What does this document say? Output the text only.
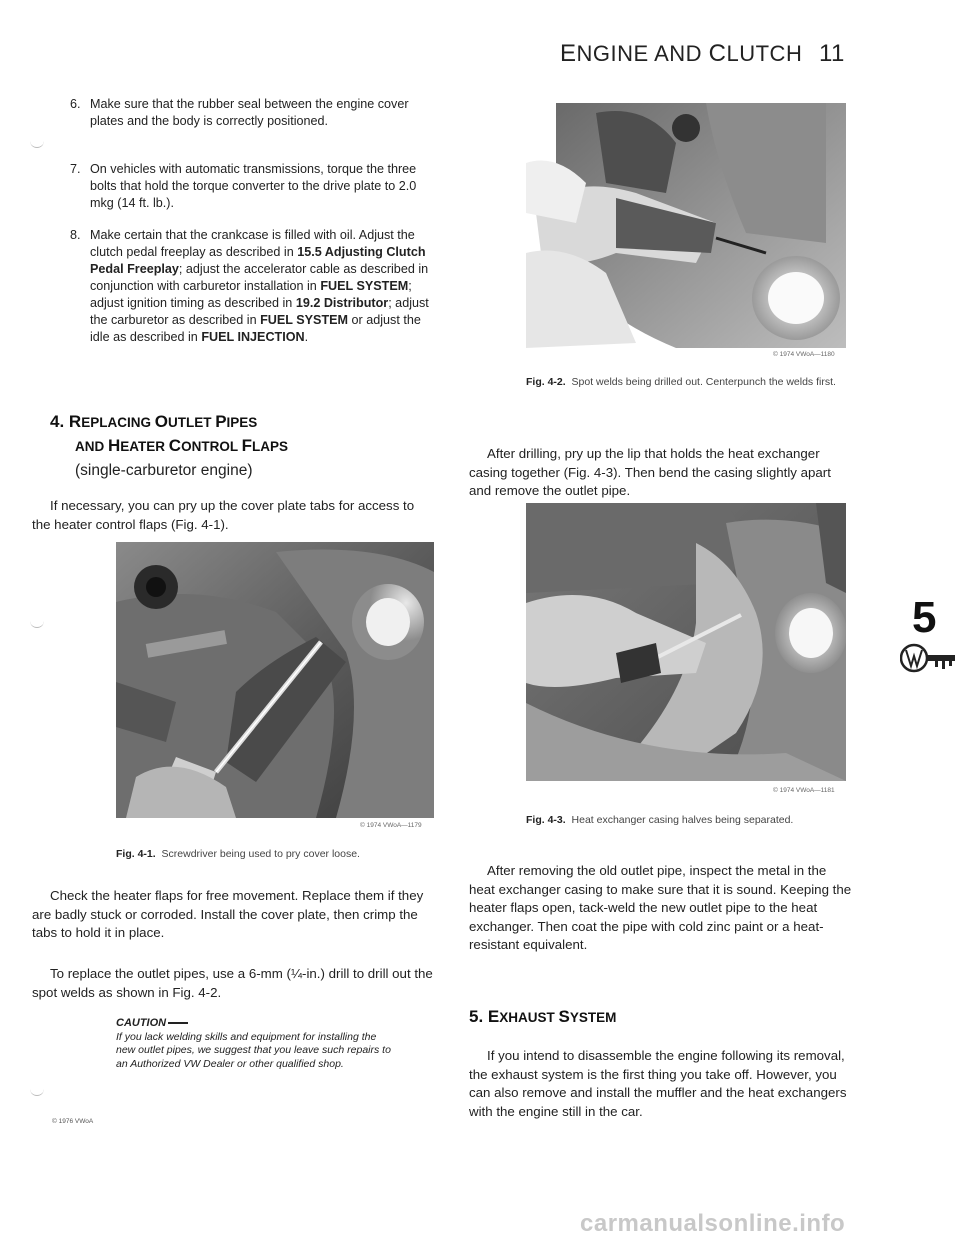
ENGINE AND CLUTCH 11
6. Make sure that the rubber seal between the engine cover plates and the body is correctly positioned.
7. On vehicles with automatic transmissions, torque the three bolts that hold the torque converter to the drive plate to 2.0 mkg (14 ft. lb.).
8. Make certain that the crankcase is filled with oil. Adjust the clutch pedal freeplay as described in 15.5 Adjusting Clutch Pedal Freeplay; adjust the accelerator cable as described in conjunction with carburetor installation in FUEL SYSTEM; adjust ignition timing as described in 19.2 Distributor; adjust the carburetor as described in FUEL SYSTEM or adjust the idle as described in FUEL INJECTION.
4. REPLACING OUTLET PIPES
AND HEATER CONTROL FLAPS
(single-carburetor engine)
If necessary, you can pry up the cover plate tabs for access to the heater control flaps (Fig. 4-1).
© 1974 VWoA—1179
Fig. 4-1. Screwdriver being used to pry cover loose.
Check the heater flaps for free movement. Replace them if they are badly stuck or corroded. Install the cover plate, then crimp the tabs to hold it in place.
To replace the outlet pipes, use a 6-mm (¼-in.) drill to drill out the spot welds as shown in Fig. 4-2.
CAUTION
If you lack welding skills and equipment for installing the new outlet pipes, we suggest that you leave such repairs to an Authorized VW Dealer or other qualified shop.
© 1976 VWoA
© 1974 VWoA—1180
Fig. 4-2. Spot welds being drilled out. Centerpunch the welds first.
After drilling, pry up the lip that holds the heat exchanger casing together (Fig. 4-3). Then bend the casing slightly apart and remove the outlet pipe.
© 1974 VWoA—1181
Fig. 4-3. Heat exchanger casing halves being separated.
After removing the old outlet pipe, inspect the metal in the heat exchanger casing to make sure that it is sound. Keeping the heater flaps open, tack-weld the new outlet pipe to the heat exchanger. Then coat the pipe with cold zinc paint or a heat-resistant equivalent.
5. EXHAUST SYSTEM
If you intend to disassemble the engine following its removal, the exhaust system is the first thing you take off. However, you can also remove and install the muffler and the heat exchangers with the engine still in the car.
5
carmanualsonline.info
